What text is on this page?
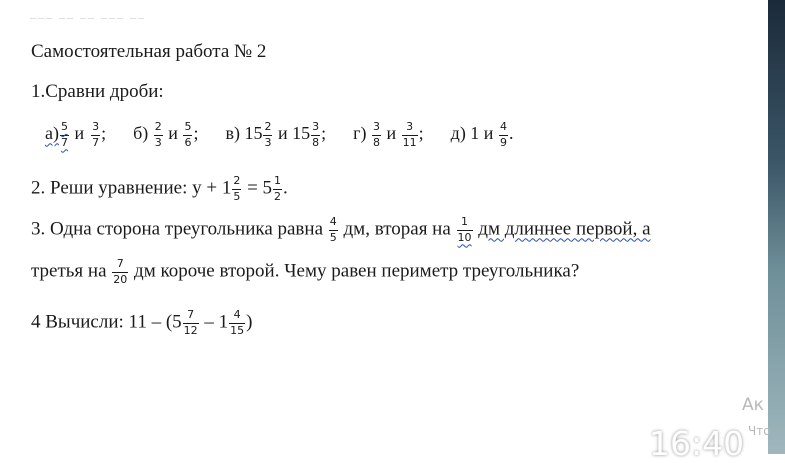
___ __ __ ___ __
Самостоятельная работа № 2
1.Сравни дроби:
$а) \frac{5}{7}$ и $\frac{3}{7}$ ; $б) \frac{2}{3}$ и $\frac{5}{6}$ ; в) $15 \frac{2}{3}$ и $15 \frac{3}{8}$ ; $г) \frac{3}{8}$ и $\frac{3}{11}$ ; д) 1 и $\frac{4}{9}$ .
2. Реши уравнение: $у + 1 \frac{2}{5} = 5 \frac{1}{2}$ .
3. Одна сторона треугольника равна $\frac{4}{5}$ дм, вторая на $\frac{1}{10}$ дм длиннее первой, а
третья на $\frac{7}{20}$ дм короче второй. Чему равен периметр треугольника?
4 Вычисли: $11 - (5 \frac{7}{12} - 1 \frac{4}{15}$ )
Ак
Что
16:40
